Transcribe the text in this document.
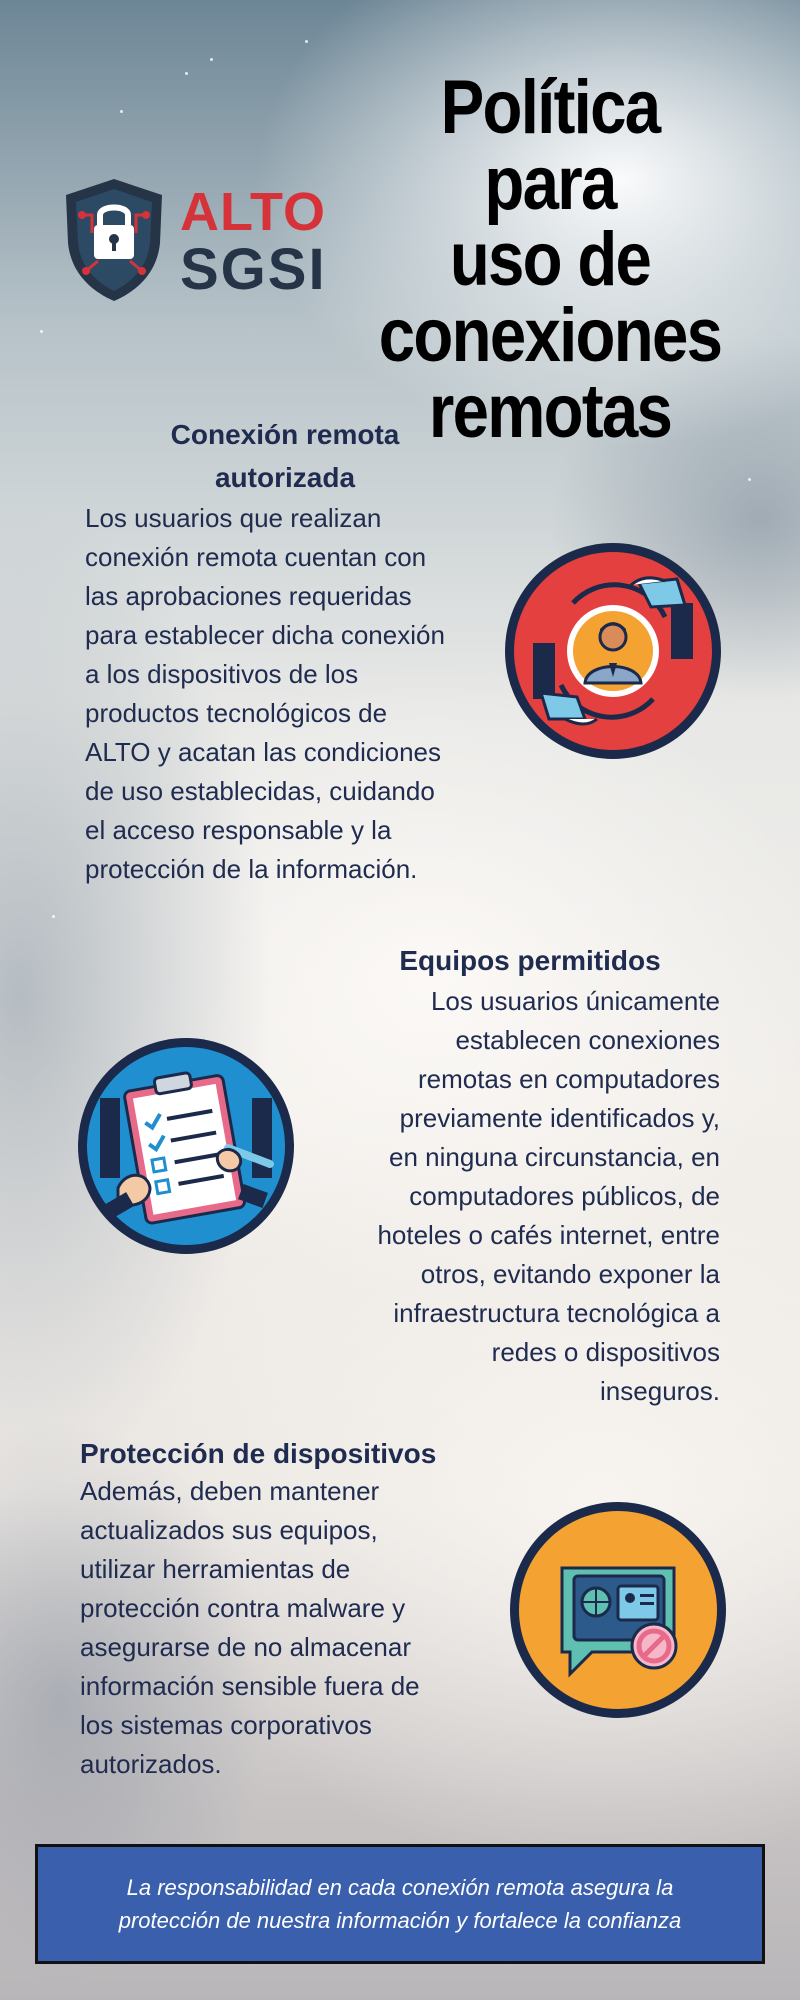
ALTO
SGSI
Política para
uso de
conexiones
remotas
Conexión remota
autorizada
Los usuarios que realizan
conexión remota cuentan con
las aprobaciones requeridas
para establecer dicha conexión
a los dispositivos de los
productos tecnológicos de
ALTO y acatan las condiciones
de uso establecidas, cuidando
el acceso responsable y la
protección de la información.
Equipos permitidos
Los usuarios únicamente
establecen conexiones
remotas en computadores
previamente identificados y,
en ninguna circunstancia, en
computadores públicos, de
hoteles o cafés internet, entre
otros, evitando exponer la
infraestructura tecnológica a
redes o dispositivos
inseguros.
Protección de dispositivos
Además, deben mantener
actualizados sus equipos,
utilizar herramientas de
protección contra malware y
asegurarse de no almacenar
información sensible fuera de
los sistemas corporativos
autorizados.
La responsabilidad en cada conexión remota asegura la
protección de nuestra información y fortalece la confianza
